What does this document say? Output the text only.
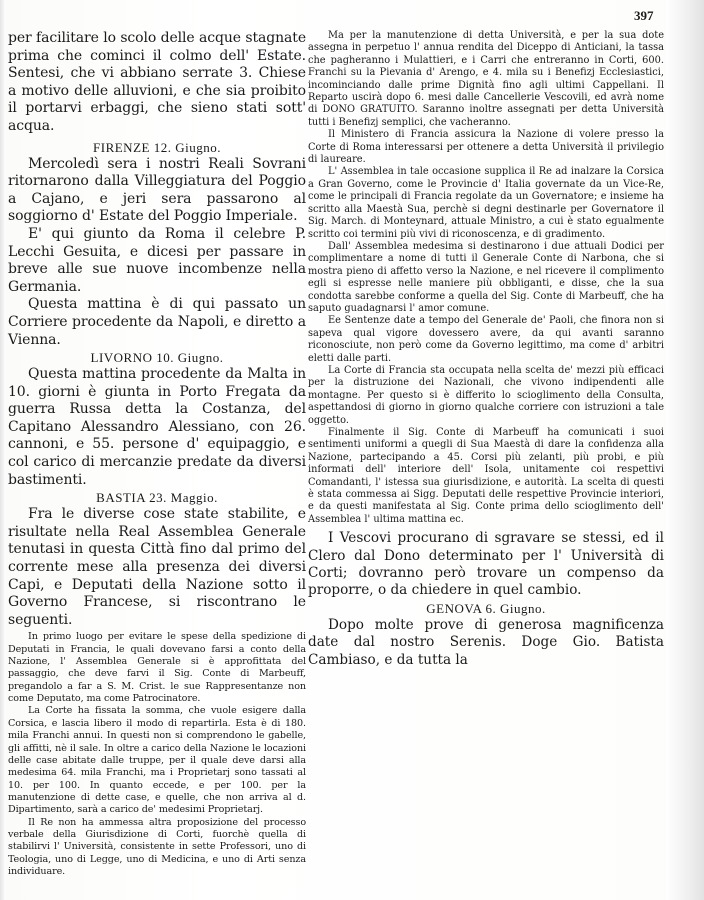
397

per facilitare lo scolo delle acque stagnate prima che cominci il colmo dell' Estate. Sentesi, che vi abbiano serrate 3. Chiese a motivo delle alluvioni, e che sia proibito il portarvi erbaggi, che sieno stati sott' acqua.

FIRENZE 12. Giugno.

Mercoledì sera i nostri Reali Sovrani ritornarono dalla Villeggiatura del Poggio a Cajano, e jeri sera passarono al soggiorno d' Estate del Poggio Imperiale.

E' qui giunto da Roma il celebre P. Lecchi Gesuita, e dicesi per passare in breve alle sue nuove incombenze nella Germania.

Questa mattina è di qui passato un Corriere procedente da Napoli, e diretto a Vienna.

LIVORNO 10. Giugno.

Questa mattina procedente da Malta in 10. giorni è giunta in Porto Fregata da guerra Russa detta la Costanza, del Capitano Alessandro Alessiano, con 26. cannoni, e 55. persone d' equipaggio, e col carico di mercanzie predate da diversi bastimenti.

BASTIA 23. Maggio.

Fra le diverse cose state stabilite, e risultate nella Real Assemblea Generale tenutasi in questa Città fino dal primo del corrente mese alla presenza dei diversi Capi, e Deputati della Nazione sotto il Governo Francese, si riscontrano le seguenti.

In primo luogo per evitare le spese della spedizione di Deputati in Francia, le quali dovevano farsi a conto della Nazione, l' Assemblea Generale si è approfittata del passaggio, che deve farvi il Sig. Conte di Marbeuff, pregandolo a far a S. M. Crist. le sue Rappresentanze non come Deputato, ma come Patrocinatore.

La Corte ha fissata la somma, che vuole esigere dalla Corsica, e lascia libero il modo di repartirla. Esta è di 180. mila Franchi annui. In questi non si comprendono le gabelle, gli affitti, nè il sale. In oltre a carico della Nazione le locazioni delle case abitate dalle truppe, per il quale deve darsi alla medesima 64. mila Franchi, ma i Proprietarj sono tassati al 10. per 100. In quanto eccede, e per 100. per la manutenzione di dette case, e quelle, che non arriva al d. Dipartimento, sarà a carico de' medesimi Proprietarj.

Il Re non ha ammessa altra proposizione del processo verbale della Giurisdizione di Corti, fuorchè quella di stabilirvi l' Università, consistente in sette Professori, uno di Teologia, uno di Legge, uno di Medicina, e uno di Arti senza individuare.

Ma per la manutenzione di detta Università, e per la sua dote assegna in perpetuo l' annua rendita del Diceppo di Anticiani, la tassa che pagheranno i Mulattieri, e i Carri che entreranno in Corti, 600. Franchi su la Pievania d' Arengo, e 4. mila su i Benefizj Ecclesiastici, incominciando dalle prime Dignità fino agli ultimi Cappellani. Il Reparto uscirà dopo 6. mesi dalle Cancellerie Vescovili, ed avrà nome di DONO GRATUITO. Saranno inoltre assegnati per detta Università tutti i Benefizj semplici, che vacheranno.

Il Ministero di Francia assicura la Nazione di volere presso la Corte di Roma interessarsi per ottenere a detta Università il privilegio di laureare.

L' Assemblea in tale occasione supplica il Re ad inalzare la Corsica a Gran Governo, come le Provincie d' Italia governate da un Vice-Re, come le principali di Francia regolate da un Governatore; e insieme ha scritto alla Maestà Sua, perchè si degni destinarle per Governatore il Sig. March. di Monteynard, attuale Ministro, a cui è stato egualmente scritto coi termini più vivi di riconoscenza, e di gradimento.

Dall' Assemblea medesima si destinarono i due attuali Dodici per complimentare a nome di tutti il Generale Conte di Narbona, che si mostra pieno di affetto verso la Nazione, e nel ricevere il complimento egli si espresse nelle maniere più obbliganti, e disse, che la sua condotta sarebbe conforme a quella del Sig. Conte di Marbeuff, che ha saputo guadagnarsi l' amor comune.

Ee Sentenze date a tempo del Generale de' Paoli, che finora non si sapeva qual vigore dovessero avere, da qui avanti saranno riconosciute, non però come da Governo legittimo, ma come d' arbitri eletti dalle parti.

La Corte di Francia sta occupata nella scelta de' mezzi più efficaci per la distruzione dei Nazionali, che vivono indipendenti alle montagne. Per questo si è differito lo scioglimento della Consulta, aspettandosi di giorno in giorno qualche corriere con istruzioni a tale oggetto.

Finalmente il Sig. Conte di Marbeuff ha comunicati i suoi sentimenti uniformi a quegli di Sua Maestà di dare la confidenza alla Nazione, partecipando a 45. Corsi più zelanti, più probi, e più informati dell' interiore dell' Isola, unitamente coi respettivi Comandanti, l' istessa sua giurisdizione, e autorità. La scelta di questi è stata commessa ai Sigg. Deputati delle respettive Provincie interiori, e da questi manifestata al Sig. Conte prima dello scioglimento dell' Assemblea l' ultima mattina ec.

I Vescovi procurano di sgravare se stessi, ed il Clero dal Dono determinato per l' Università di Corti; dovranno però trovare un compenso da proporre, o da chiedere in quel cambio.

GENOVA 6. Giugno.

Dopo molte prove di generosa magnificenza date dal nostro Serenis. Doge Gio. Batista Cambiaso, e da tutta la
